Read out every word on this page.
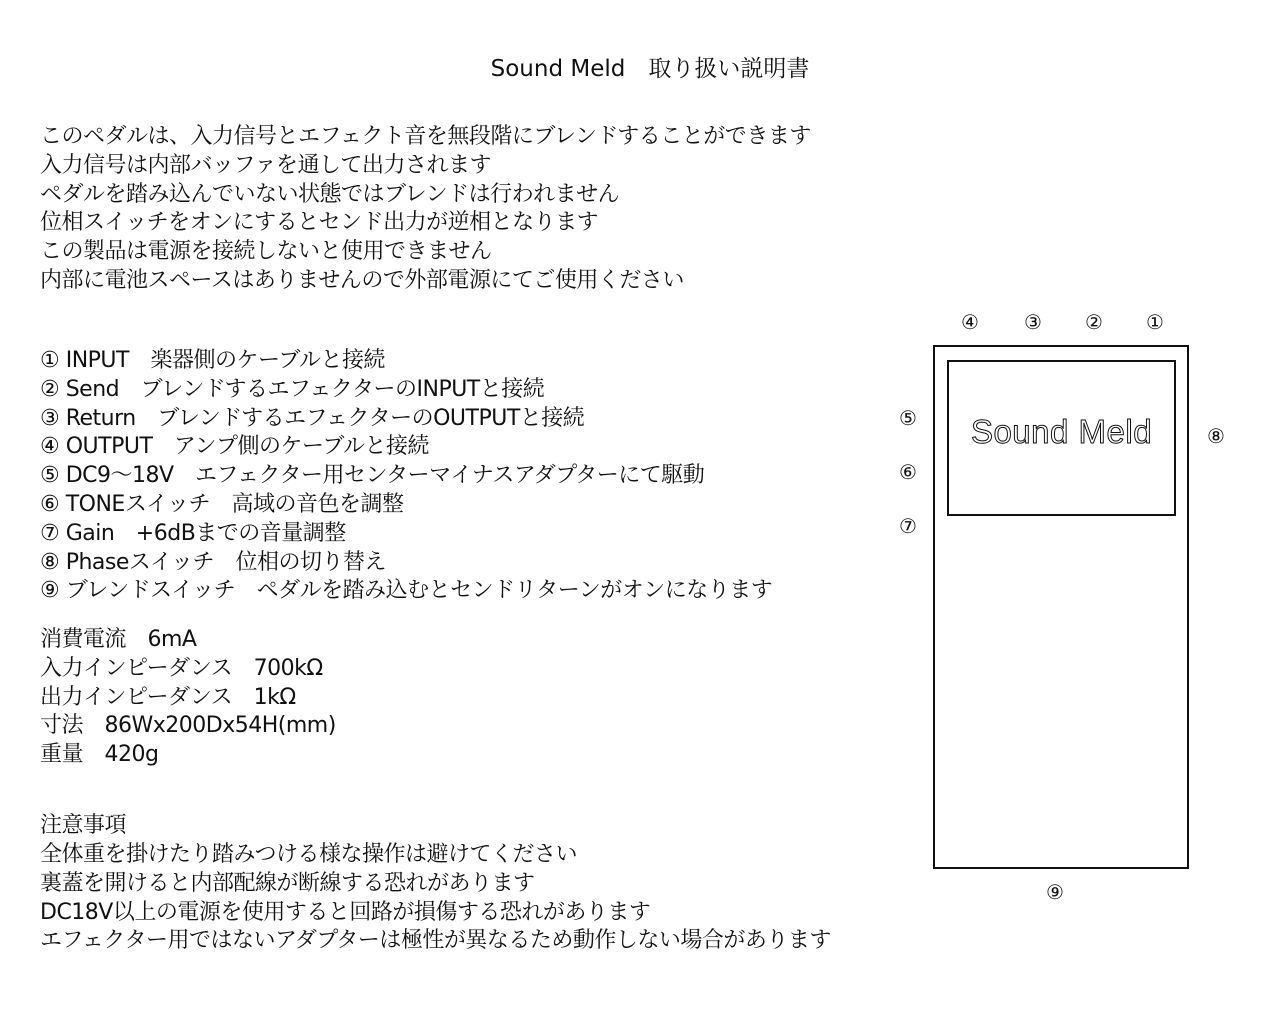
Sound Meld　取り扱い説明書
このペダルは、入力信号とエフェクト音を無段階にブレンドすることができます
入力信号は内部バッファを通して出力されます
ペダルを踏み込んでいない状態ではブレンドは行われません
位相スイッチをオンにするとセンド出力が逆相となります
この製品は電源を接続しないと使用できません
内部に電池スペースはありませんので外部電源にてご使用ください
① INPUT　楽器側のケーブルと接続
② Send　ブレンドするエフェクターのINPUTと接続
③ Return　ブレンドするエフェクターのOUTPUTと接続
④ OUTPUT　アンプ側のケーブルと接続
⑤ DC9～18V　エフェクター用センターマイナスアダプターにて駆動
⑥ TONEスイッチ　高域の音色を調整
⑦ Gain　+6dBまでの音量調整
⑧ Phaseスイッチ　位相の切り替え
⑨ ブレンドスイッチ　ペダルを踏み込むとセンドリターンがオンになります
消費電流　6mA
入力インピーダンス　700kΩ
出力インピーダンス　1kΩ
寸法　86Wx200Dx54H(mm)
重量　420g
注意事項
全体重を掛けたり踏みつける様な操作は避けてください
裏蓋を開けると内部配線が断線する恐れがあります
DC18V以上の電源を使用すると回路が損傷する恐れがあります
エフェクター用ではないアダプターは極性が異なるため動作しない場合があります
Sound Meld
④ ③ ② ①
⑤
⑥
⑦
⑧
⑨
